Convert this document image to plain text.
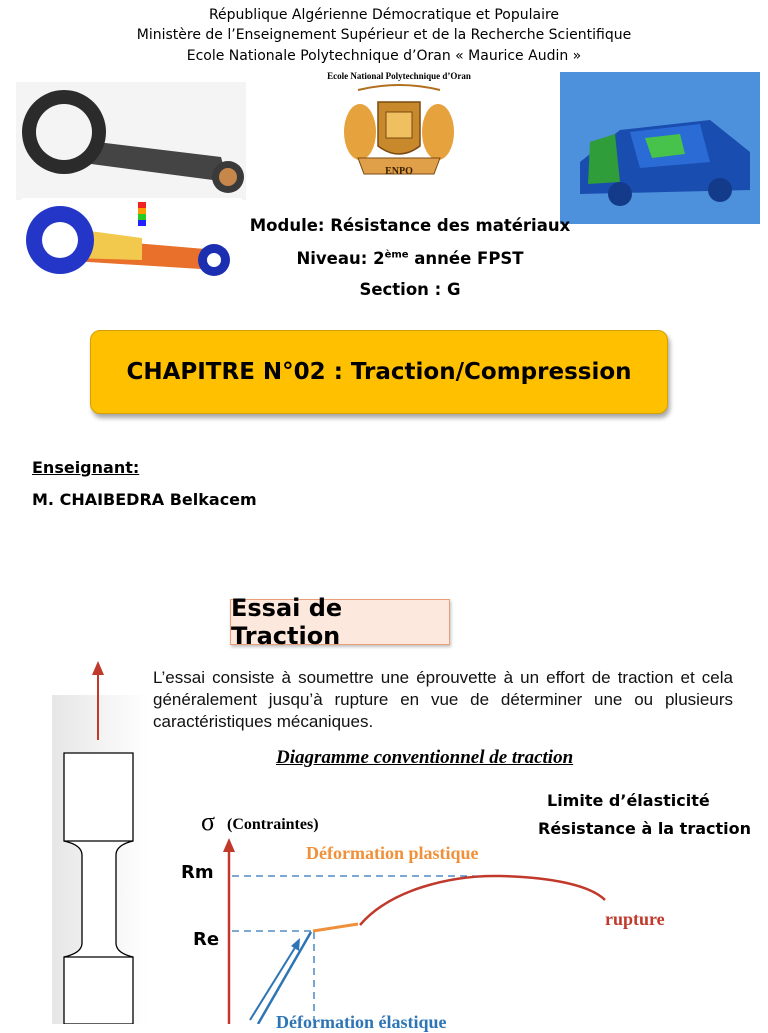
République Algérienne Démocratique et Populaire
Ministère de l’Enseignement Supérieur et de la Recherche Scientifique
Ecole Nationale Polytechnique d’Oran « Maurice Audin »
Ecole National Polytechnique d’Oran
ENPO
Module: Résistance des matériaux
Niveau: 2ème année FPST
Section : G
CHAPITRE N°02 : Traction/Compression
Enseignant:
M. CHAIBEDRA Belkacem
Essai de Traction
L’essai consiste à soumettre une éprouvette à un effort de traction et cela généralement jusqu’à rupture en vue de déterminer une ou plusieurs caractéristiques mécaniques.
Diagramme conventionnel de traction
σ (Contraintes)
Rm
Re
Déformation plastique
rupture
Déformation élastique
Limite d’élasticité
Résistance à la traction
